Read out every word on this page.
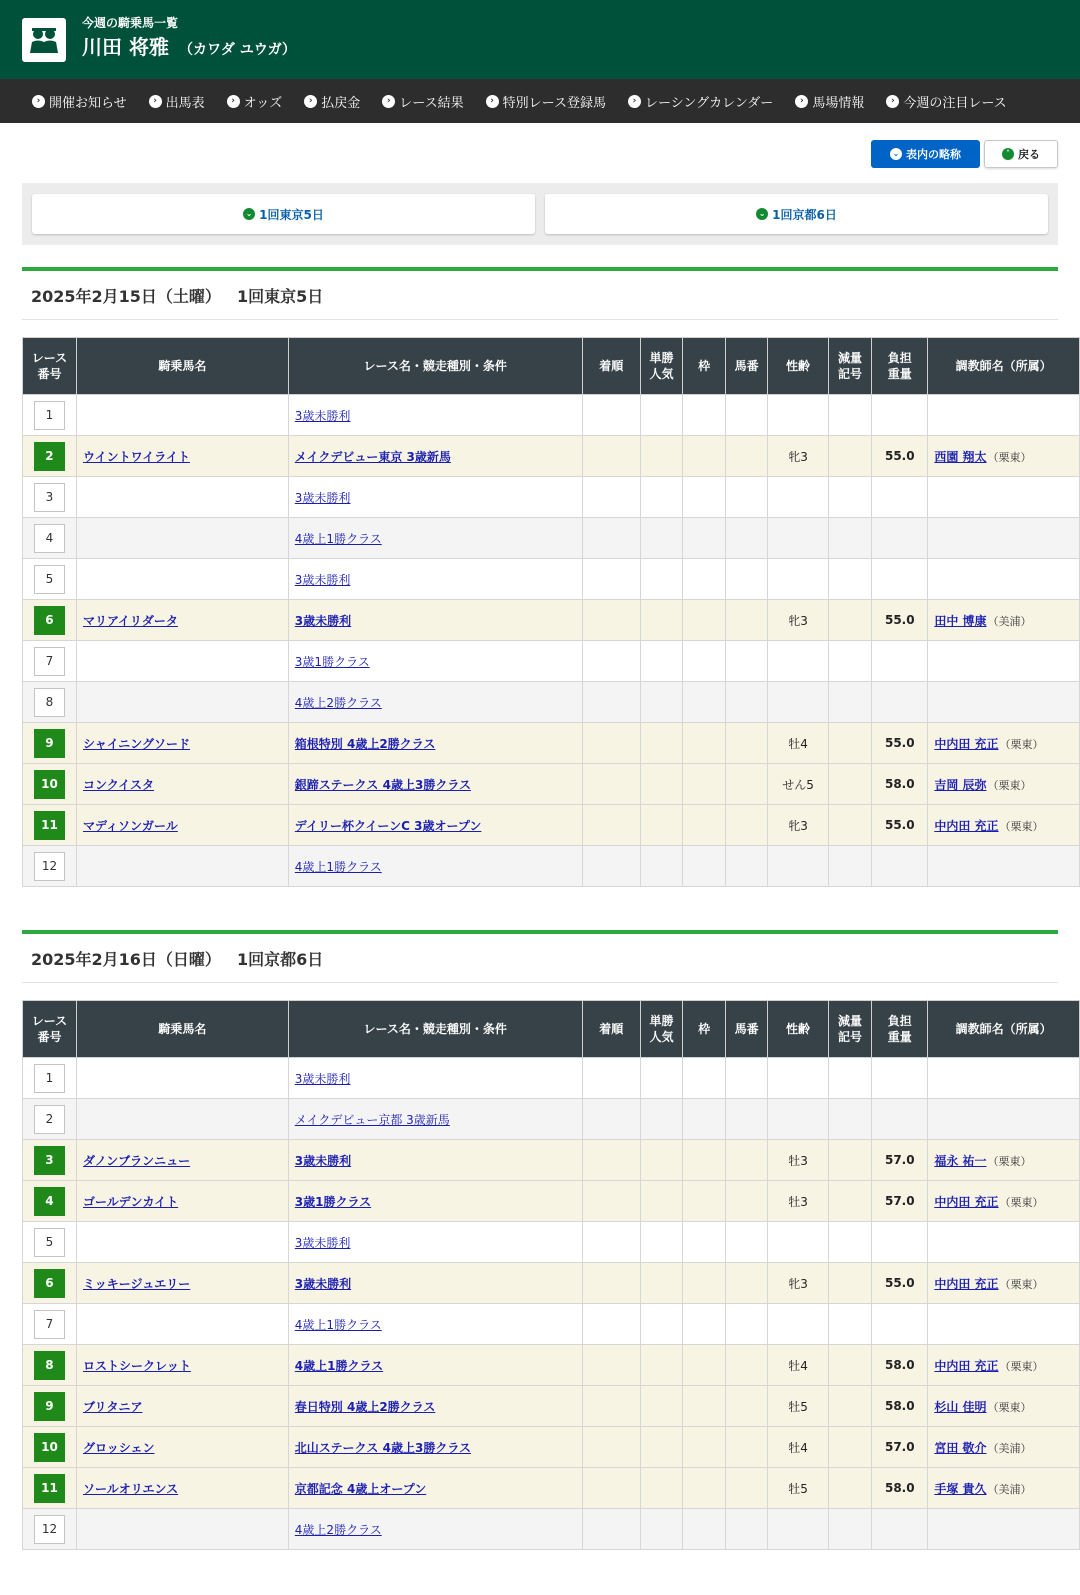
今週の騎乗馬一覧
川田 将雅 （カワダ ユウガ）
› 開催お知らせ	› 出馬表	› オッズ	› 払戻金	› レース結果	› 特別レース登録馬	› レーシングカレンダー	› 馬場情報	› 今週の注目レース
⌄ 表内の略称	˄ 戻る
⌄ 1回東京5日	⌄ 1回京都6日
2025年2月15日（土曜） 1回東京5日
レース
番号	騎乗馬名	レース名・競走種別・条件	着順	単勝
人気	枠	馬番	性齢	減量
記号	負担
重量	調教師名（所属）
1		3歳未勝利								
2	ウイントワイライト	メイクデビュー東京 3歳新馬					牝3		55.0	西園 翔太（栗東）
3		3歳未勝利								
4		4歳上1勝クラス								
5		3歳未勝利								
6	マリアイリダータ	3歳未勝利					牝3		55.0	田中 博康（美浦）
7		3歳1勝クラス								
8		4歳上2勝クラス								
9	シャイニングソード	箱根特別 4歳上2勝クラス					牡4		55.0	中内田 充正（栗東）
10	コンクイスタ	銀蹄ステークス 4歳上3勝クラス					せん5		58.0	吉岡 辰弥（栗東）
11	マディソンガール	デイリー杯クイーンC 3歳オープン					牝3		55.0	中内田 充正（栗東）
12		4歳上1勝クラス								
2025年2月16日（日曜） 1回京都6日
レース
番号	騎乗馬名	レース名・競走種別・条件	着順	単勝
人気	枠	馬番	性齢	減量
記号	負担
重量	調教師名（所属）
1		3歳未勝利								
2		メイクデビュー京都 3歳新馬								
3	ダノンブランニュー	3歳未勝利					牡3		57.0	福永 祐一（栗東）
4	ゴールデンカイト	3歳1勝クラス					牡3		57.0	中内田 充正（栗東）
5		3歳未勝利								
6	ミッキージュエリー	3歳未勝利					牝3		55.0	中内田 充正（栗東）
7		4歳上1勝クラス								
8	ロストシークレット	4歳上1勝クラス					牡4		58.0	中内田 充正（栗東）
9	ブリタニア	春日特別 4歳上2勝クラス					牡5		58.0	杉山 佳明（栗東）
10	グロッシェン	北山ステークス 4歳上3勝クラス					牡4		57.0	宮田 敬介（美浦）
11	ソールオリエンス	京都記念 4歳上オープン					牡5		58.0	手塚 貴久（美浦）
12		4歳上2勝クラス								
